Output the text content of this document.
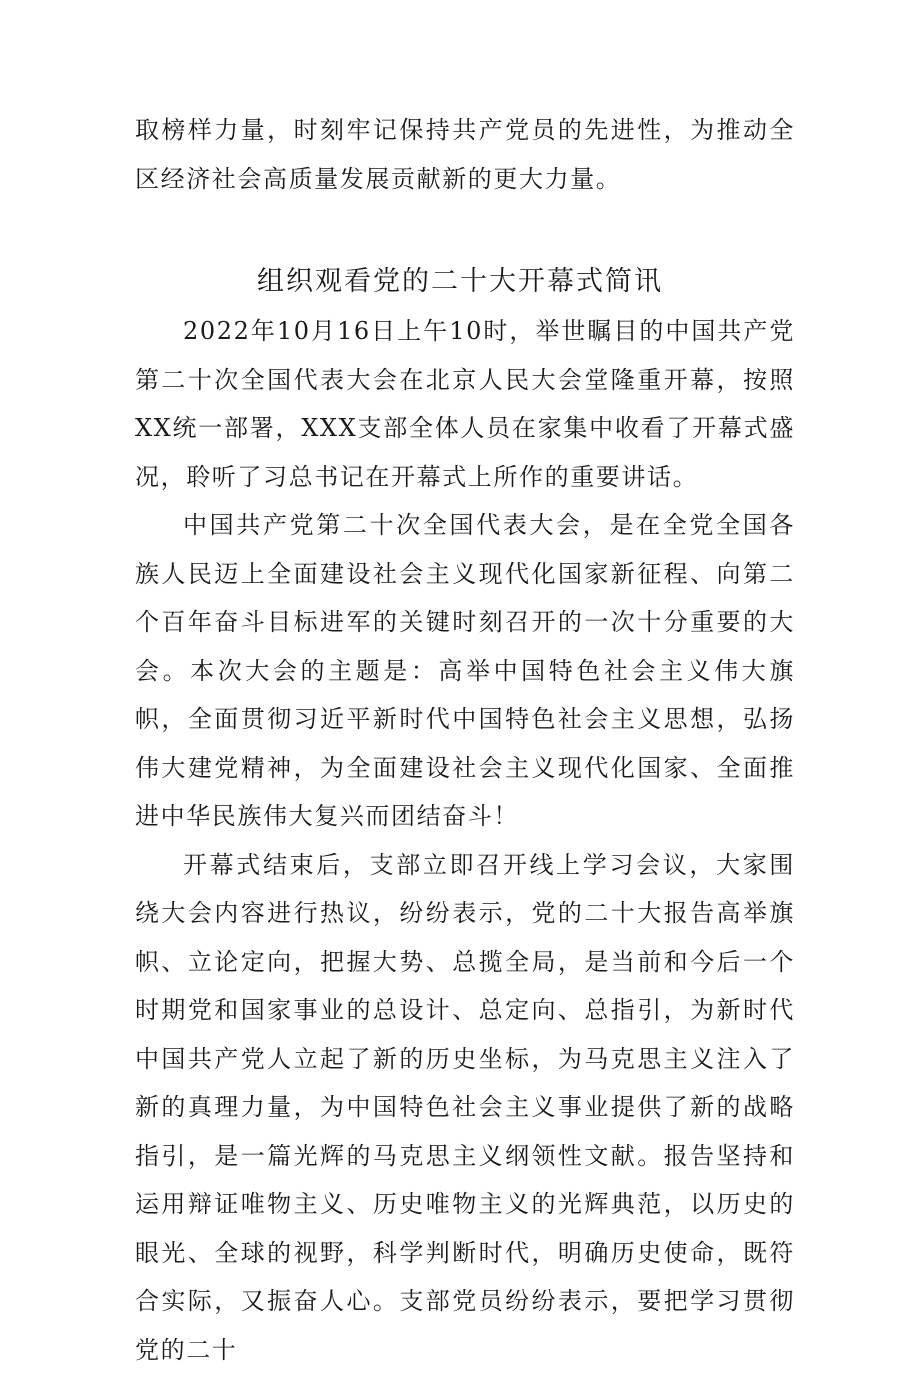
取榜样力量，时刻牢记保持共产党员的先进性，为推动全区经济社会高质量发展贡献新的更大力量。

组织观看党的二十大开幕式简讯

2022年10月16日上午10时，举世瞩目的中国共产党第二十次全国代表大会在北京人民大会堂隆重开幕，按照XX统一部署，XXX支部全体人员在家集中收看了开幕式盛况，聆听了习总书记在开幕式上所作的重要讲话。

中国共产党第二十次全国代表大会，是在全党全国各族人民迈上全面建设社会主义现代化国家新征程、向第二个百年奋斗目标进军的关键时刻召开的一次十分重要的大会。本次大会的主题是：高举中国特色社会主义伟大旗帜，全面贯彻习近平新时代中国特色社会主义思想，弘扬伟大建党精神，为全面建设社会主义现代化国家、全面推进中华民族伟大复兴而团结奋斗！

开幕式结束后，支部立即召开线上学习会议，大家围绕大会内容进行热议，纷纷表示，党的二十大报告高举旗帜、立论定向，把握大势、总揽全局，是当前和今后一个时期党和国家事业的总设计、总定向、总指引，为新时代中国共产党人立起了新的历史坐标，为马克思主义注入了新的真理力量，为中国特色社会主义事业提供了新的战略指引，是一篇光辉的马克思主义纲领性文献。报告坚持和运用辩证唯物主义、历史唯物主义的光辉典范，以历史的眼光、全球的视野，科学判断时代，明确历史使命，既符合实际，又振奋人心。支部党员纷纷表示，要把学习贯彻党的二十
